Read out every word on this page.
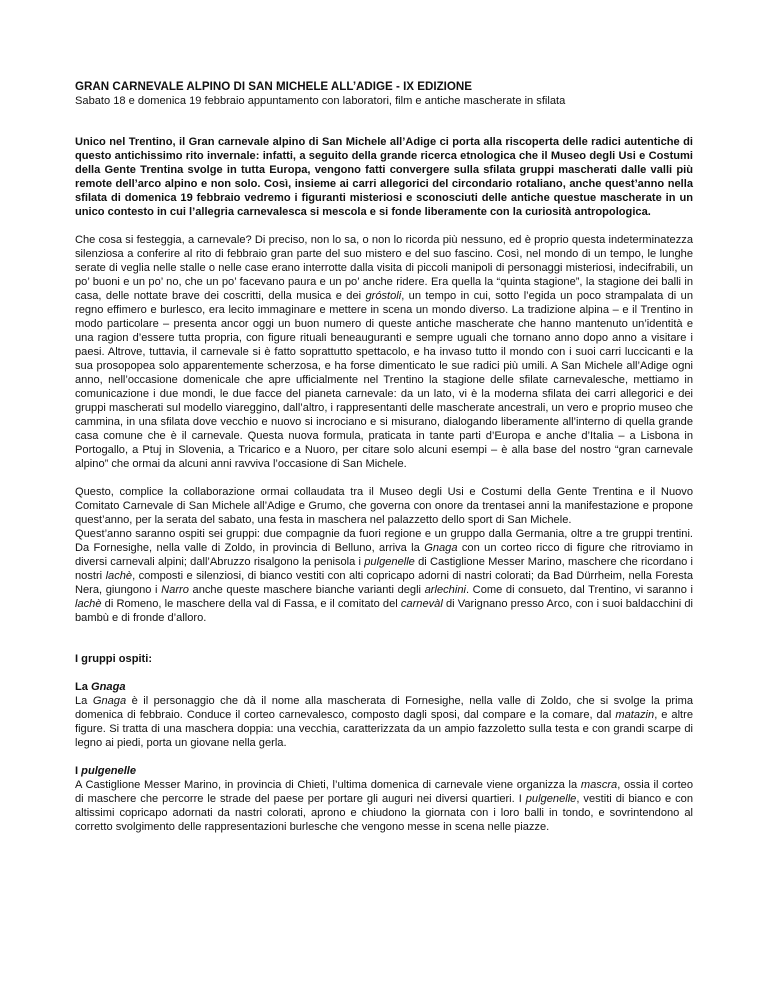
GRAN CARNEVALE ALPINO DI SAN MICHELE ALL’ADIGE - IX EDIZIONE

Sabato 18 e domenica 19 febbraio appuntamento con laboratori, film e antiche mascherate in sfilata

Unico nel Trentino, il Gran carnevale alpino di San Michele all’Adige ci porta alla riscoperta delle radici autentiche di questo antichissimo rito invernale: infatti, a seguito della grande ricerca etnologica che il Museo degli Usi e Costumi della Gente Trentina svolge in tutta Europa, vengono fatti convergere sulla sfilata gruppi mascherati dalle valli più remote dell’arco alpino e non solo. Così, insieme ai carri allegorici del circondario rotaliano, anche quest’anno nella sfilata di domenica 19 febbraio vedremo i figuranti misteriosi e sconosciuti delle antiche questue mascherate in un unico contesto in cui l’allegria carnevalesca si mescola e si fonde liberamente con la curiosità antropologica.

Che cosa si festeggia, a carnevale? Di preciso, non lo sa, o non lo ricorda più nessuno, ed è proprio questa indeterminatezza silenziosa a conferire al rito di febbraio gran parte del suo mistero e del suo fascino. Così, nel mondo di un tempo, le lunghe serate di veglia nelle stalle o nelle case erano interrotte dalla visita di piccoli manipoli di personaggi misteriosi, indecifrabili, un po’ buoni e un po’ no, che un po’ facevano paura e un po’ anche ridere. Era quella la “quinta stagione”, la stagione dei balli in casa, delle nottate brave dei coscritti, della musica e dei gróstoli, un tempo in cui, sotto l’egida un poco strampalata di un regno effimero e burlesco, era lecito immaginare e mettere in scena un mondo diverso. La tradizione alpina – e il Trentino in modo particolare – presenta ancor oggi un buon numero di queste antiche mascherate che hanno mantenuto un’identità e una ragion d’essere tutta propria, con figure rituali beneauguranti e sempre uguali che tornano anno dopo anno a visitare i paesi. Altrove, tuttavia, il carnevale si è fatto soprattutto spettacolo, e ha invaso tutto il mondo con i suoi carri luccicanti e la sua prosopopea solo apparentemente scherzosa, e ha forse dimenticato le sue radici più umili. A San Michele all’Adige ogni anno, nell’occasione domenicale che apre ufficialmente nel Trentino la stagione delle sfilate carnevalesche, mettiamo in comunicazione i due mondi, le due facce del pianeta carnevale: da un lato, vi è la moderna sfilata dei carri allegorici e dei gruppi mascherati sul modello viareggino, dall’altro, i rappresentanti delle mascherate ancestrali, un vero e proprio museo che cammina, in una sfilata dove vecchio e nuovo si incrociano e si misurano, dialogando liberamente all’interno di quella grande casa comune che è il carnevale. Questa nuova formula, praticata in tante parti d’Europa e anche d’Italia – a Lisbona in Portogallo, a Ptuj in Slovenia, a Tricarico e a Nuoro, per citare solo alcuni esempi – è alla base del nostro “gran carnevale alpino” che ormai da alcuni anni ravviva l’occasione di San Michele.

Questo, complice la collaborazione ormai collaudata tra il Museo degli Usi e Costumi della Gente Trentina e il Nuovo Comitato Carnevale di San Michele all’Adige e Grumo, che governa con onore da trentasei anni la manifestazione e propone quest’anno, per la serata del sabato, una festa in maschera nel palazzetto dello sport di San Michele.

Quest’anno saranno ospiti sei gruppi: due compagnie da fuori regione e un gruppo dalla Germania, oltre a tre gruppi trentini. Da Fornesighe, nella valle di Zoldo, in provincia di Belluno, arriva la Gnaga con un corteo ricco di figure che ritroviamo in diversi carnevali alpini; dall’Abruzzo risalgono la penisola i pulgenelle di Castiglione Messer Marino, maschere che ricordano i nostri lachè, composti e silenziosi, di bianco vestiti con alti copricapo adorni di nastri colorati; da Bad Dürrheim, nella Foresta Nera, giungono i Narro anche queste maschere bianche varianti degli arlechini. Come di consueto, dal Trentino, vi saranno i lachè di Romeno, le maschere della val di Fassa, e il comitato del carnevàl di Varignano presso Arco, con i suoi baldacchini di bambù e di fronde d’alloro.

I gruppi ospiti:

La Gnaga

La Gnaga è il personaggio che dà il nome alla mascherata di Fornesighe, nella valle di Zoldo, che si svolge la prima domenica di febbraio. Conduce il corteo carnevalesco, composto dagli sposi, dal compare e la comare, dal matazin, e altre figure. Si tratta di una maschera doppia: una vecchia, caratterizzata da un ampio fazzoletto sulla testa e con grandi scarpe di legno ai piedi, porta un giovane nella gerla.

I pulgenelle

A Castiglione Messer Marino, in provincia di Chieti, l’ultima domenica di carnevale viene organizza la mascra, ossia il corteo di maschere che percorre le strade del paese per portare gli auguri nei diversi quartieri. I pulgenelle, vestiti di bianco e con altissimi copricapo adornati da nastri colorati, aprono e chiudono la giornata con i loro balli in tondo, e sovrintendono al corretto svolgimento delle rappresentazioni burlesche che vengono messe in scena nelle piazze.
